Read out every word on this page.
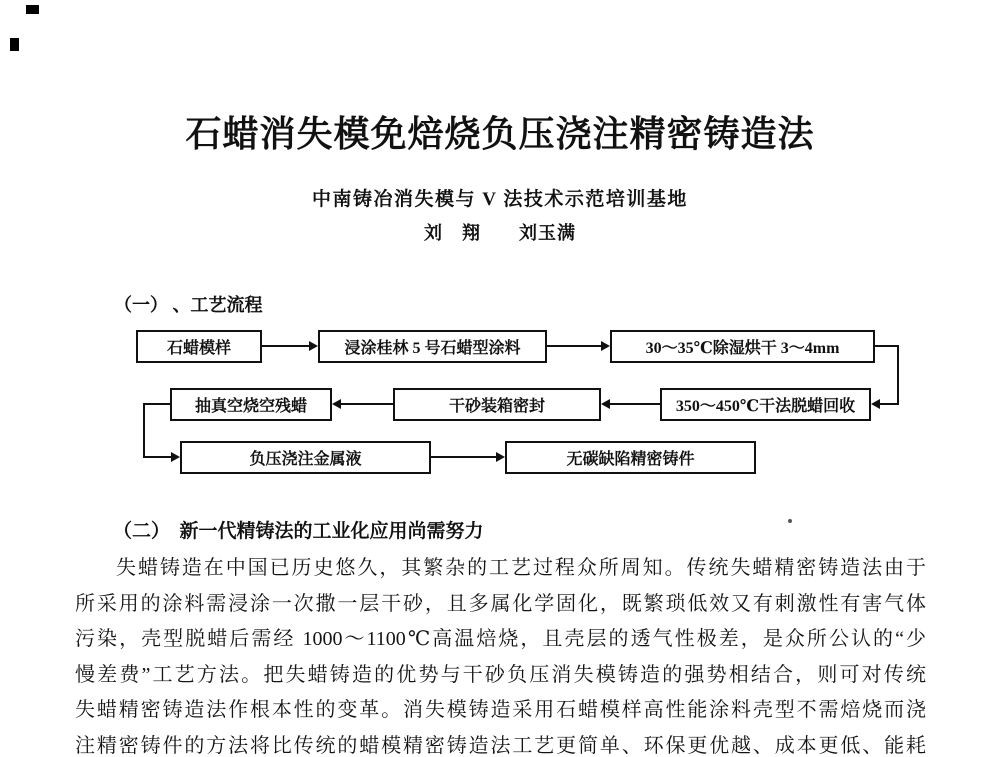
石蜡消失模免焙烧负压浇注精密铸造法
中南铸冶消失模与 V 法技术示范培训基地
刘　翔　　刘玉满
（一） 、工艺流程
石蜡模样	浸涂桂林 5 号石蜡型涂料	30～35℃除湿烘干 3～4mm
抽真空烧空残蜡	干砂装箱密封	350～450℃干法脱蜡回收
负压浇注金属液	无碳缺陷精密铸件
（二）　新一代精铸法的工业化应用尚需努力
失蜡铸造在中国已历史悠久，其繁杂的工艺过程众所周知。传统失蜡精密铸造法由于
所采用的涂料需浸涂一次撒一层干砂，且多属化学固化，既繁琐低效又有刺激性有害气体
污染，壳型脱蜡后需经 1000～1100℃高温焙烧，且壳层的透气性极差，是众所公认的“少
慢差费”工艺方法。把失蜡铸造的优势与干砂负压消失模铸造的强势相结合，则可对传统
失蜡精密铸造法作根本性的变革。消失模铸造采用石蜡模样高性能涂料壳型不需焙烧而浇
注精密铸件的方法将比传统的蜡模精密铸造法工艺更简单、环保更优越、成本更低、能耗
